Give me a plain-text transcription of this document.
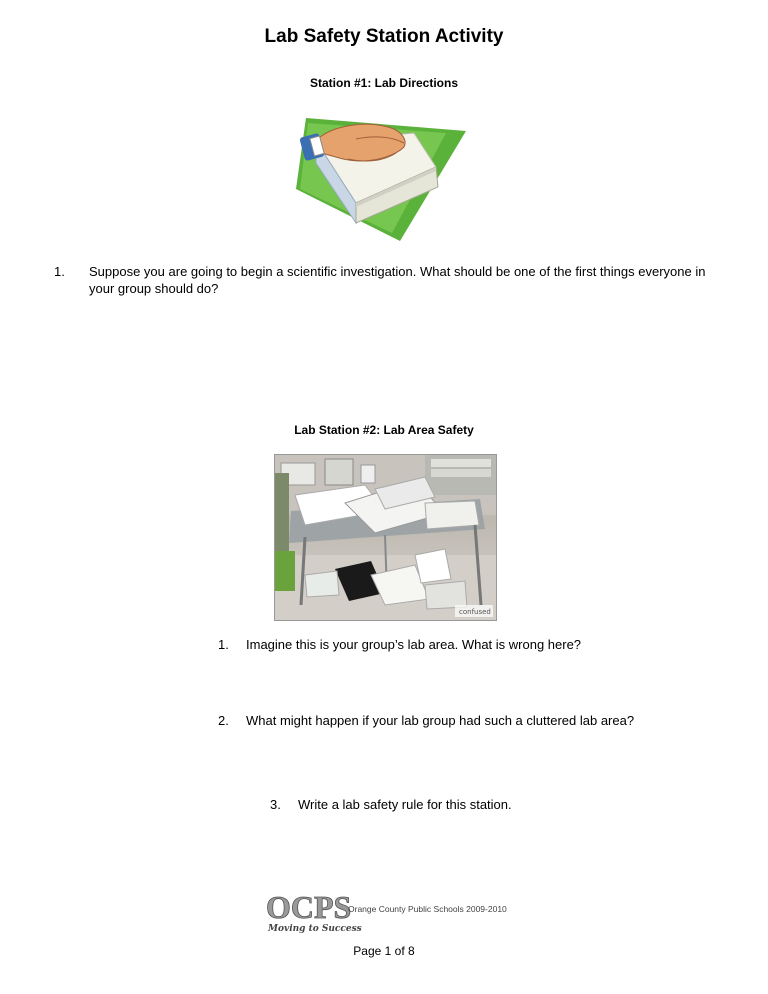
Lab Safety Station Activity
Station #1: Lab Directions
1. Suppose you are going to begin a scientific investigation. What should be one of the first things everyone in your group should do?
Lab Station #2: Lab Area Safety
confused
1. Imagine this is your group’s lab area. What is wrong here?
2. What might happen if your lab group had such a cluttered lab area?
3. Write a lab safety rule for this station.
OCPS
Moving to Success
Orange County Public Schools 2009-2010
Page 1 of 8
